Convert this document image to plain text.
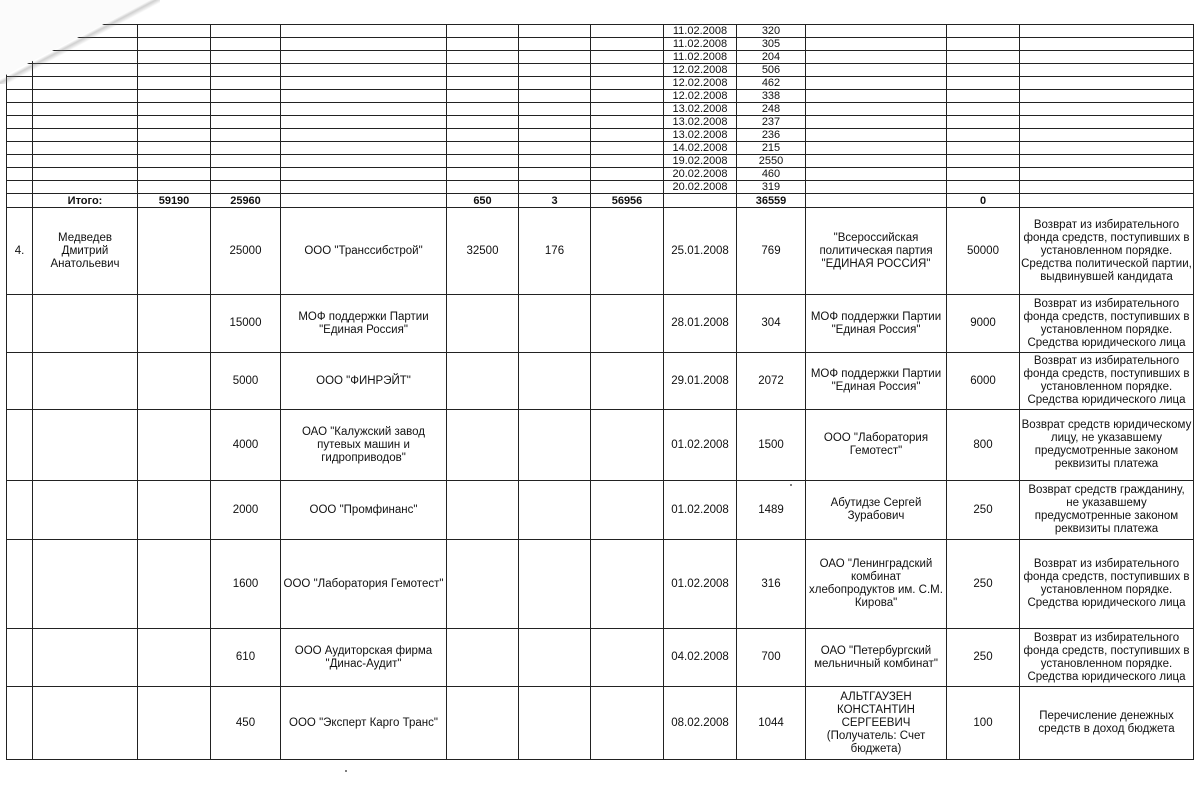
								11.02.2008	320			
								11.02.2008	305			
								11.02.2008	204			
								12.02.2008	506			
								12.02.2008	462			
								12.02.2008	338			
								13.02.2008	248			
								13.02.2008	237			
								13.02.2008	236			
								14.02.2008	215			
								19.02.2008	2550			
								20.02.2008	460			
								20.02.2008	319			
	Итого:	59190	25960		650	3	56956		36559		0	
4.	Медведев Дмитрий Анатольевич		25000	ООО "Транссибстрой"	32500	176		25.01.2008	769	"Всероссийская политическая партия "ЕДИНАЯ РОССИЯ"	50000	Возврат из избирательного фонда средств, поступивших в установленном порядке. Средства политической партии, выдвинувшей кандидата
			15000	МОФ поддержки Партии "Единая Россия"				28.01.2008	304	МОФ поддержки Партии "Единая Россия"	9000	Возврат из избирательного фонда средств, поступивших в установленном порядке. Средства юридического лица
			5000	ООО "ФИНРЭЙТ"				29.01.2008	2072	МОФ поддержки Партии "Единая Россия"	6000	Возврат из избирательного фонда средств, поступивших в установленном порядке. Средства юридического лица
			4000	ОАО "Калужский завод путевых машин и гидроприводов"				01.02.2008	1500	ООО "Лаборатория Гемотест"	800	Возврат средств юридическому лицу, не указавшему предусмотренные законом реквизиты платежа
			2000	ООО "Промфинанс"				01.02.2008	1489	Абутидзе Сергей Зурабович	250	Возврат средств гражданину, не указавшему предусмотренные законом реквизиты платежа
			1600	ООО "Лаборатория Гемотест"				01.02.2008	316	ОАО "Ленинградский комбинат хлебопродуктов им. С.М. Кирова"	250	Возврат из избирательного фонда средств, поступивших в установленном порядке. Средства юридического лица
			610	ООО Аудиторская фирма "Динас-Аудит"				04.02.2008	700	ОАО "Петербургский мельничный комбинат"	250	Возврат из избирательного фонда средств, поступивших в установленном порядке. Средства юридического лица
			450	ООО "Эксперт Карго Транс"				08.02.2008	1044	АЛЬТГАУЗЕН КОНСТАНТИН СЕРГЕЕВИЧ (Получатель: Счет бюджета)	100	Перечисление денежных средств в доход бюджета
